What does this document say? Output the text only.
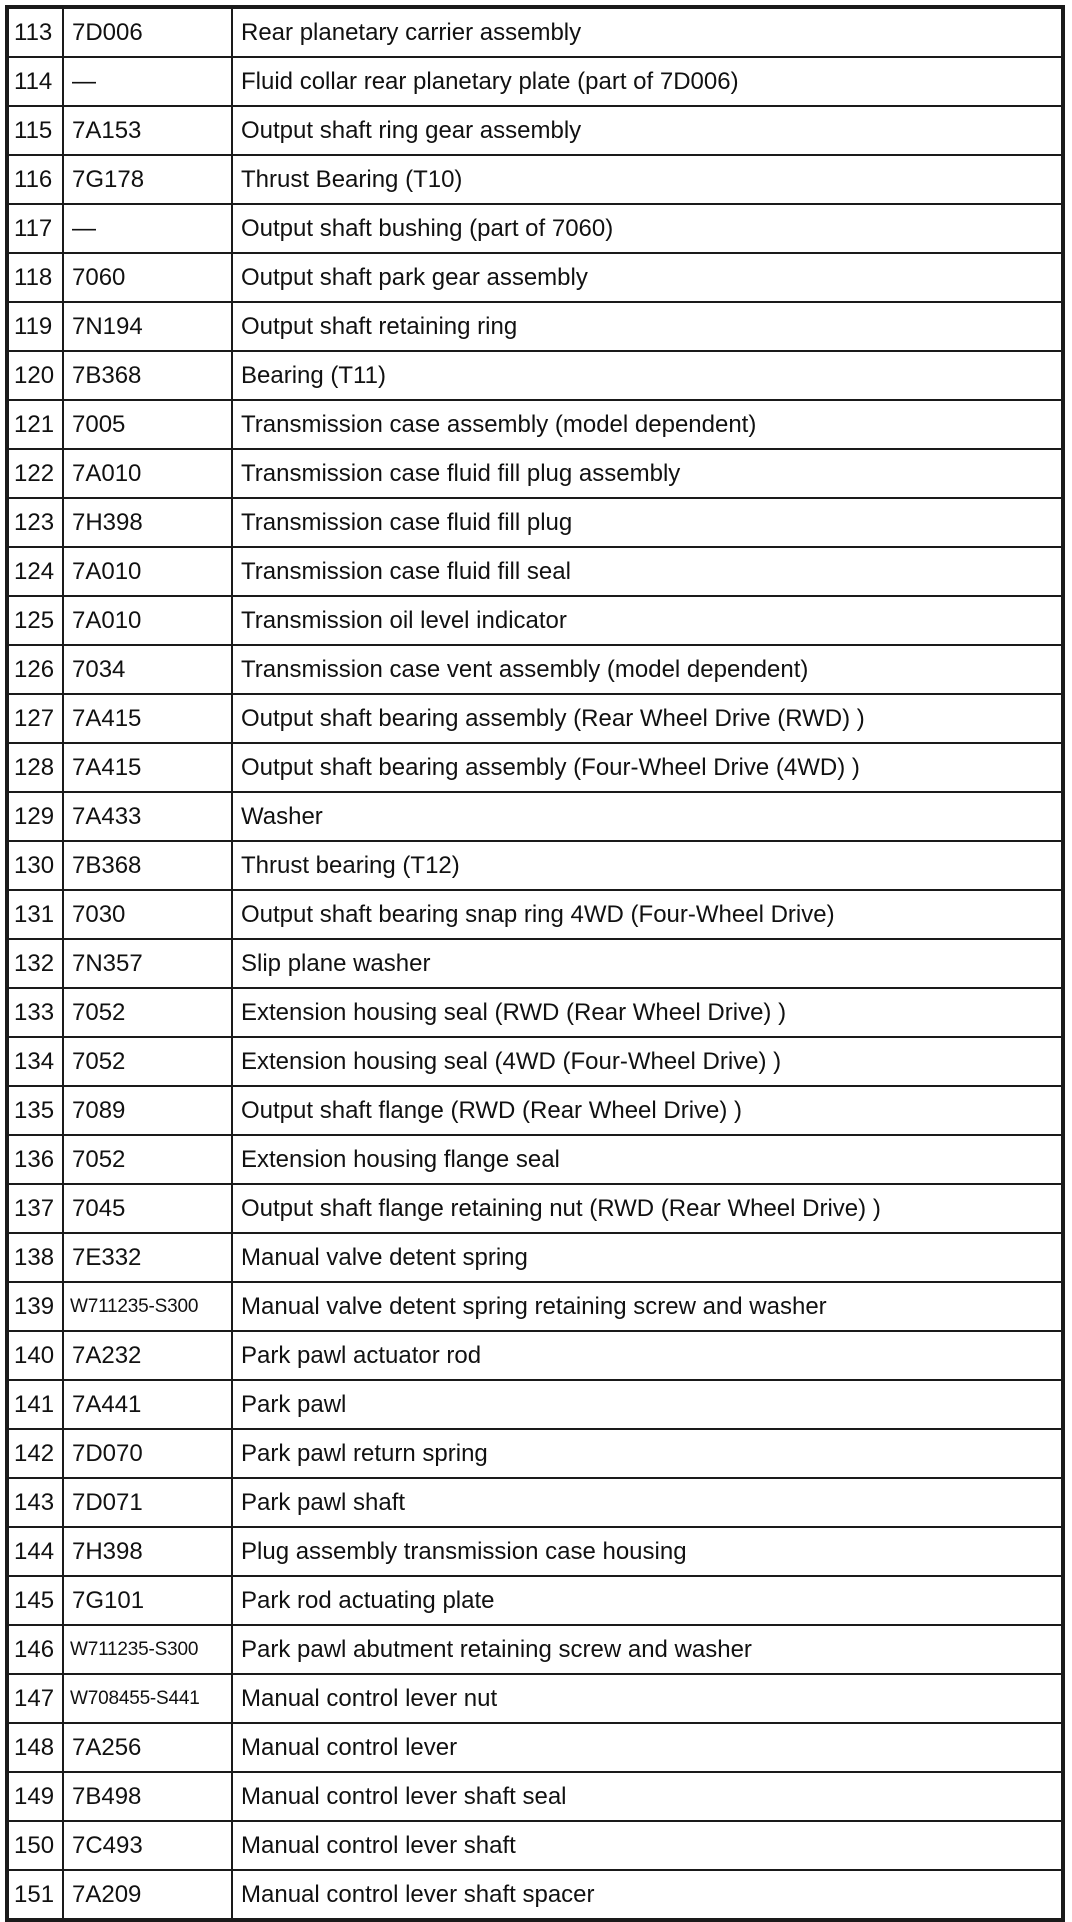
113	7D006	Rear planetary carrier assembly
114	—	Fluid collar rear planetary plate (part of 7D006)
115	7A153	Output shaft ring gear assembly
116	7G178	Thrust Bearing (T10)
117	—	Output shaft bushing (part of 7060)
118	7060	Output shaft park gear assembly
119	7N194	Output shaft retaining ring
120	7B368	Bearing (T11)
121	7005	Transmission case assembly (model dependent)
122	7A010	Transmission case fluid fill plug assembly
123	7H398	Transmission case fluid fill plug
124	7A010	Transmission case fluid fill seal
125	7A010	Transmission oil level indicator
126	7034	Transmission case vent assembly (model dependent)
127	7A415	Output shaft bearing assembly (Rear Wheel Drive (RWD) )
128	7A415	Output shaft bearing assembly (Four-Wheel Drive (4WD) )
129	7A433	Washer
130	7B368	Thrust bearing (T12)
131	7030	Output shaft bearing snap ring 4WD (Four-Wheel Drive)
132	7N357	Slip plane washer
133	7052	Extension housing seal (RWD (Rear Wheel Drive) )
134	7052	Extension housing seal (4WD (Four-Wheel Drive) )
135	7089	Output shaft flange (RWD (Rear Wheel Drive) )
136	7052	Extension housing flange seal
137	7045	Output shaft flange retaining nut (RWD (Rear Wheel Drive) )
138	7E332	Manual valve detent spring
139	W711235-S300	Manual valve detent spring retaining screw and washer
140	7A232	Park pawl actuator rod
141	7A441	Park pawl
142	7D070	Park pawl return spring
143	7D071	Park pawl shaft
144	7H398	Plug assembly transmission case housing
145	7G101	Park rod actuating plate
146	W711235-S300	Park pawl abutment retaining screw and washer
147	W708455-S441	Manual control lever nut
148	7A256	Manual control lever
149	7B498	Manual control lever shaft seal
150	7C493	Manual control lever shaft
151	7A209	Manual control lever shaft spacer
